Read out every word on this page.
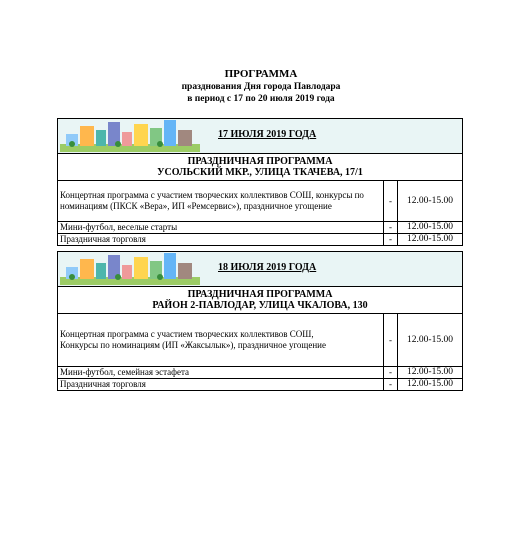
ПРОГРАММА
празднования Дня города Павлодара
в период с 17 по 20 июля 2019 года
17 ИЮЛЯ 2019 ГОДА		

ПРАЗДНИЧНАЯ ПРОГРАММА
УСОЛЬСКИЙ МКР., УЛИЦА ТКАЧЕВА, 17/1		

Концертная программа с участием творческих коллективов СОШ, конкурсы по номинациям (ПКСК «Вера», ИП «Ремсервис»), праздничное угощение	-	12.00-15.00
Мини-футбол, веселые старты	-	12.00-15.00
Праздничная торговля	-	12.00-15.00
18 ИЮЛЯ 2019 ГОДА		

ПРАЗДНИЧНАЯ ПРОГРАММА
РАЙОН 2-ПАВЛОДАР, УЛИЦА ЧКАЛОВА, 130		

Концертная программа с участием творческих коллективов СОШ,
Конкурсы по номинациям (ИП «Жаксылык»), праздничное угощение	-	12.00-15.00
Мини-футбол, семейная эстафета	-	12.00-15.00
Праздничная торговля	-	12.00-15.00
